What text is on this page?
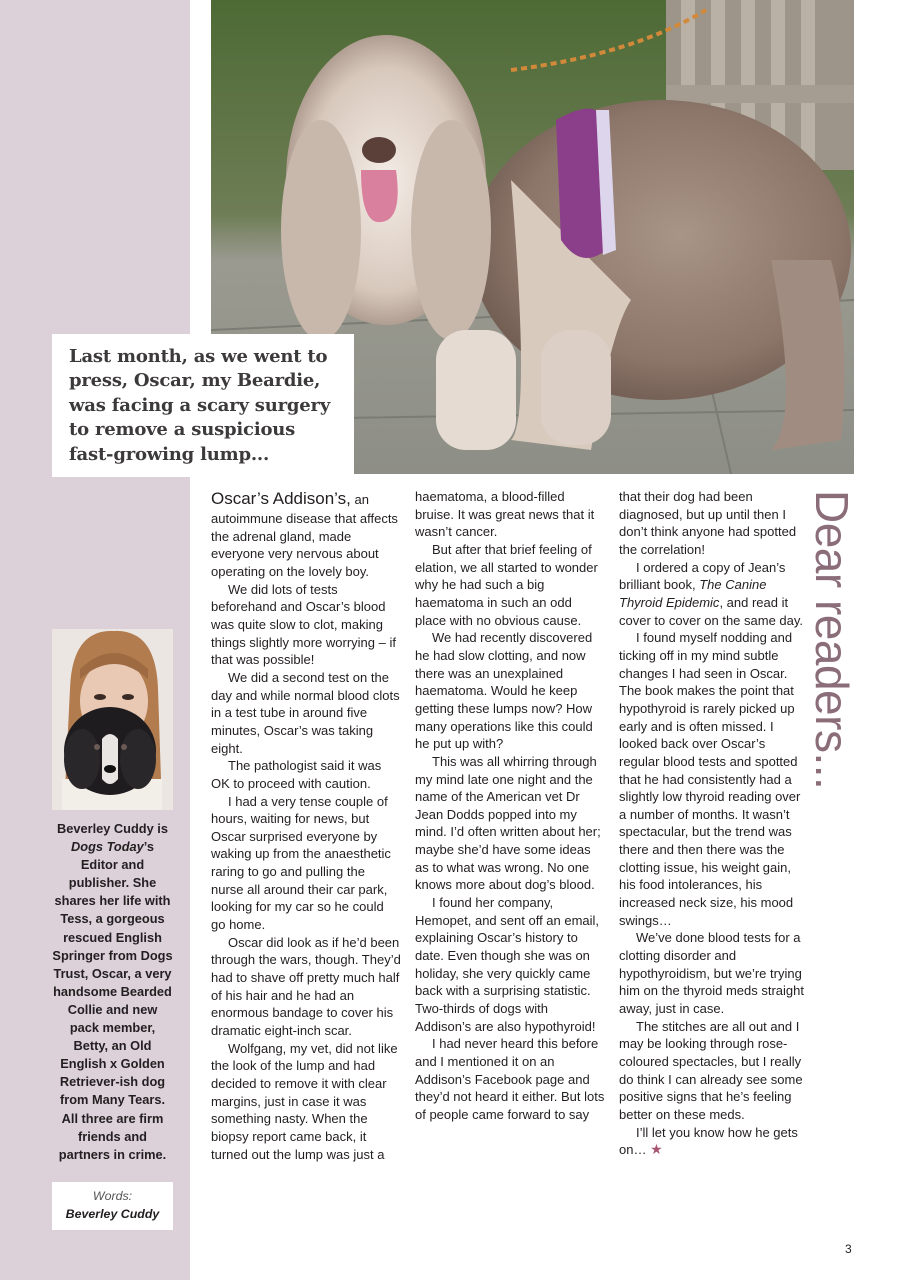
Last month, as we went to press, Oscar, my Beardie, was facing a scary surgery to remove a suspicious fast-growing lump...

Beverley Cuddy is Dogs Today’s Editor and publisher. She shares her life with Tess, a gorgeous rescued English Springer from Dogs Trust, Oscar, a very handsome Bearded Collie and new pack member, Betty, an Old English x Golden Retriever-ish dog from Many Tears. All three are firm friends and partners in crime.
Words:
Beverley Cuddy

Oscar’s Addison’s, an autoimmune disease that affects the adrenal gland, made everyone very nervous about operating on the lovely boy.

We did lots of tests beforehand and Oscar’s blood was quite slow to clot, making things slightly more worrying – if that was possible!

We did a second test on the day and while normal blood clots in a test tube in around five minutes, Oscar’s was taking eight.

The pathologist said it was OK to proceed with caution.

I had a very tense couple of hours, waiting for news, but Oscar surprised everyone by waking up from the anaesthetic raring to go and pulling the nurse all around their car park, looking for my car so he could go home.

Oscar did look as if he’d been through the wars, though. They’d had to shave off pretty much half of his hair and he had an enormous bandage to cover his dramatic eight-inch scar.

Wolfgang, my vet, did not like the look of the lump and had decided to remove it with clear margins, just in case it was something nasty. When the biopsy report came back, it turned out the lump was just a

haematoma, a blood-filled bruise. It was great news that it wasn’t cancer.

But after that brief feeling of elation, we all started to wonder why he had such a big haematoma in such an odd place with no obvious cause.

We had recently discovered he had slow clotting, and now there was an unexplained haematoma. Would he keep getting these lumps now? How many operations like this could he put up with?

This was all whirring through my mind late one night and the name of the American vet Dr Jean Dodds popped into my mind. I’d often written about her; maybe she’d have some ideas as to what was wrong. No one knows more about dog’s blood.

I found her company, Hemopet, and sent off an email, explaining Oscar’s history to date. Even though she was on holiday, she very quickly came back with a surprising statistic. Two-thirds of dogs with Addison’s are also hypothyroid!

I had never heard this before and I mentioned it on an Addison’s Facebook page and they’d not heard it either. But lots of people came forward to say

that their dog had been diagnosed, but up until then I don’t think anyone had spotted the correlation!

I ordered a copy of Jean’s brilliant book, The Canine Thyroid Epidemic, and read it cover to cover on the same day.

I found myself nodding and ticking off in my mind subtle changes I had seen in Oscar. The book makes the point that hypothyroid is rarely picked up early and is often missed. I looked back over Oscar’s regular blood tests and spotted that he had consistently had a slightly low thyroid reading over a number of months. It wasn’t spectacular, but the trend was there and then there was the clotting issue, his weight gain, his food intolerances, his increased neck size, his mood swings…

We’ve done blood tests for a clotting disorder and hypothyroidism, but we’re trying him on the thyroid meds straight away, just in case.

The stitches are all out and I may be looking through rose-coloured spectacles, but I really do think I can already see some positive signs that he’s feeling better on these meds.

I’ll let you know how he gets on… ★

Dear readers...
3
